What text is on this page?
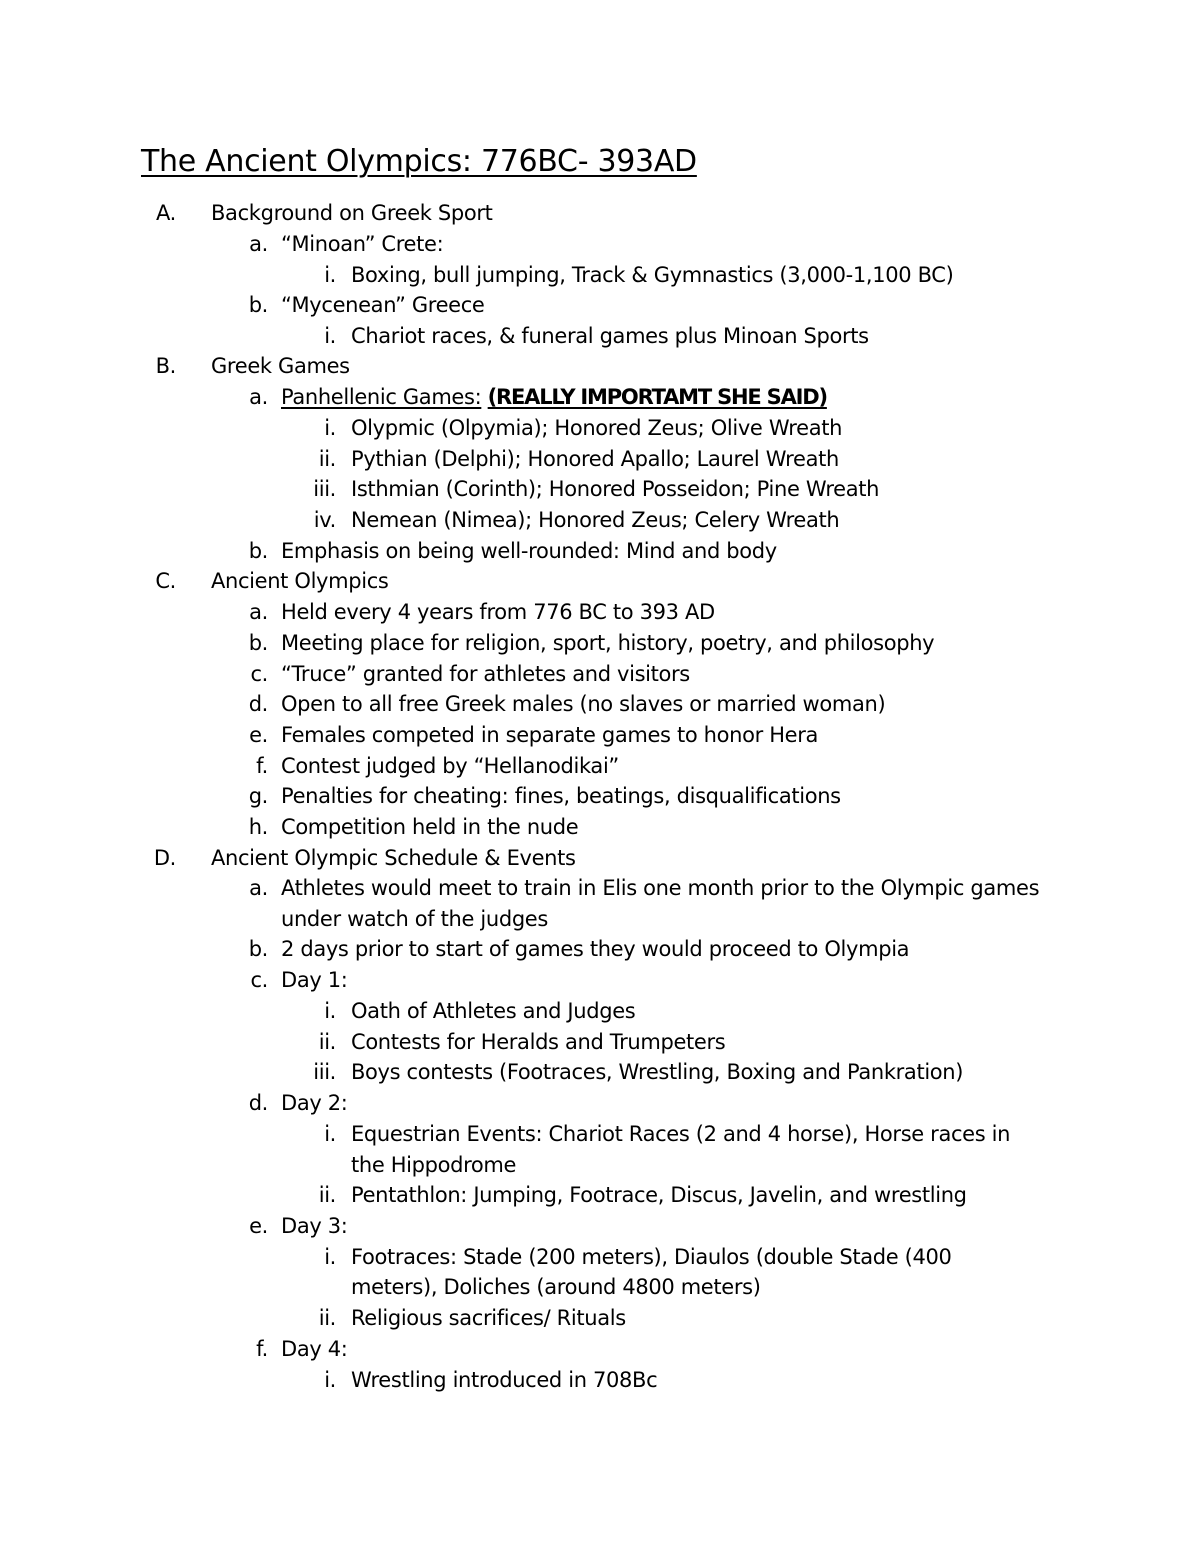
The Ancient Olympics: 776BC- 393AD
A. Background on Greek Sport
a. “Minoan” Crete:
i. Boxing, bull jumping, Track & Gymnastics (3,000-1,100 BC)
b. “Mycenean” Greece
i. Chariot races, & funeral games plus Minoan Sports
B. Greek Games
a. Panhellenic Games: (REALLY IMPORTAMT SHE SAID)
i. Olypmic (Olpymia); Honored Zeus; Olive Wreath
ii. Pythian (Delphi); Honored Apallo; Laurel Wreath
iii. Isthmian (Corinth); Honored Posseidon; Pine Wreath
iv. Nemean (Nimea); Honored Zeus; Celery Wreath
b. Emphasis on being well-rounded: Mind and body
C. Ancient Olympics
a. Held every 4 years from 776 BC to 393 AD
b. Meeting place for religion, sport, history, poetry, and philosophy
c. “Truce” granted for athletes and visitors
d. Open to all free Greek males (no slaves or married woman)
e. Females competed in separate games to honor Hera
f. Contest judged by “Hellanodikai”
g. Penalties for cheating: fines, beatings, disqualifications
h. Competition held in the nude
D. Ancient Olympic Schedule & Events
a. Athletes would meet to train in Elis one month prior to the Olympic games
under watch of the judges
b. 2 days prior to start of games they would proceed to Olympia
c. Day 1:
i. Oath of Athletes and Judges
ii. Contests for Heralds and Trumpeters
iii. Boys contests (Footraces, Wrestling, Boxing and Pankration)
d. Day 2:
i. Equestrian Events: Chariot Races (2 and 4 horse), Horse races in
the Hippodrome
ii. Pentathlon: Jumping, Footrace, Discus, Javelin, and wrestling
e. Day 3:
i. Footraces: Stade (200 meters), Diaulos (double Stade (400
meters), Doliches (around 4800 meters)
ii. Religious sacrifices/ Rituals
f. Day 4:
i. Wrestling introduced in 708Bc
